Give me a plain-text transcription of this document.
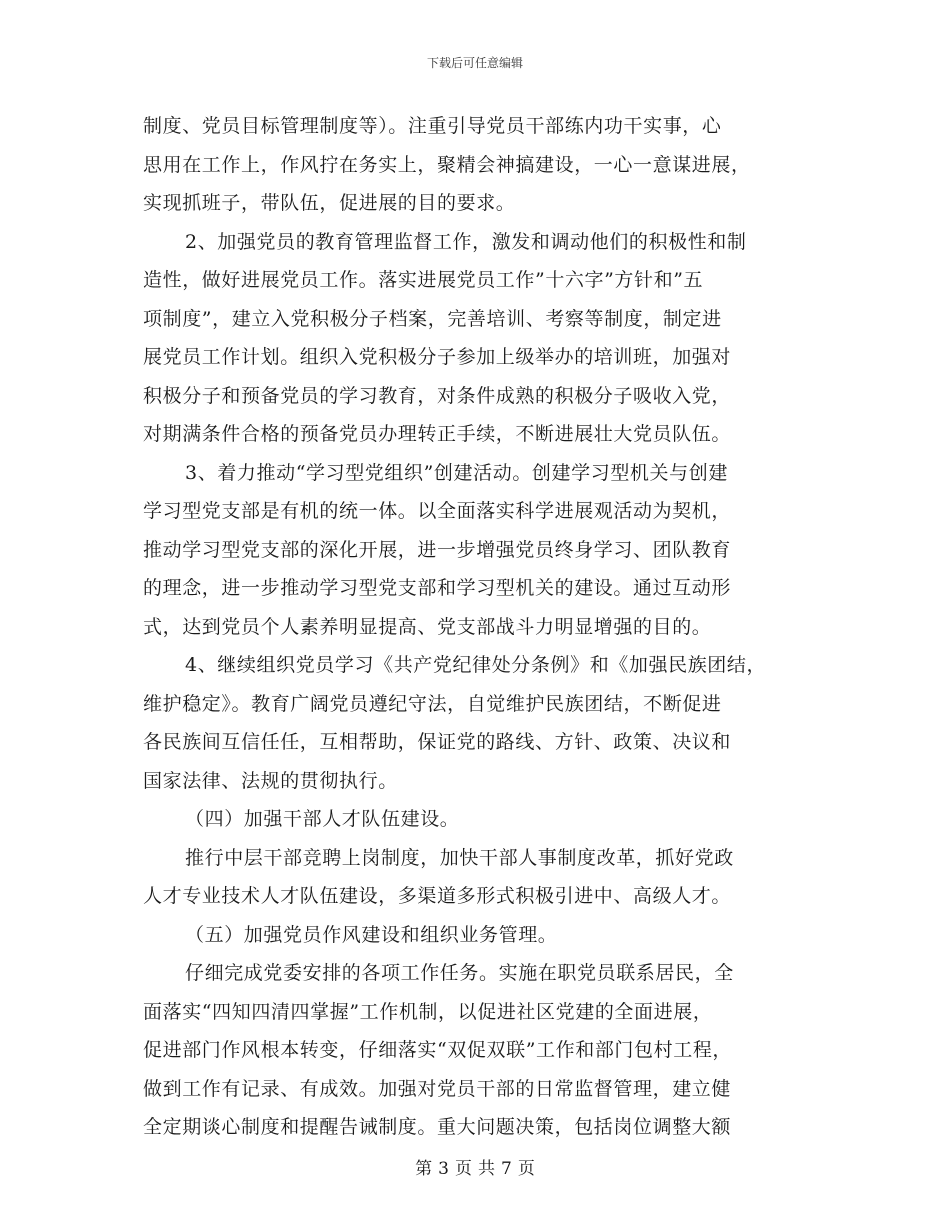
下载后可任意编辑
制度、党员目标管理制度等）。注重引导党员干部练内功干实事，心
思用在工作上，作风拧在务实上，聚精会神搞建设，一心一意谋进展，
实现抓班子，带队伍，促进展的目的要求。
2、加强党员的教育管理监督工作，激发和调动他们的积极性和制
造性，做好进展党员工作。落实进展党员工作”十六字”方针和”五
项制度”，建立入党积极分子档案，完善培训、考察等制度，制定进
展党员工作计划。组织入党积极分子参加上级举办的培训班，加强对
积极分子和预备党员的学习教育，对条件成熟的积极分子吸收入党，
对期满条件合格的预备党员办理转正手续，不断进展壮大党员队伍。
3、着力推动“学习型党组织”创建活动。创建学习型机关与创建
学习型党支部是有机的统一体。以全面落实科学进展观活动为契机，
推动学习型党支部的深化开展，进一步增强党员终身学习、团队教育
的理念，进一步推动学习型党支部和学习型机关的建设。通过互动形
式，达到党员个人素养明显提高、党支部战斗力明显增强的目的。
4、继续组织党员学习《共产党纪律处分条例》和《加强民族团结，
维护稳定》。教育广阔党员遵纪守法，自觉维护民族团结，不断促进
各民族间互信任任，互相帮助，保证党的路线、方针、政策、决议和
国家法律、法规的贯彻执行。
（四）加强干部人才队伍建设。
推行中层干部竞聘上岗制度，加快干部人事制度改革，抓好党政
人才专业技术人才队伍建设，多渠道多形式积极引进中、高级人才。
（五）加强党员作风建设和组织业务管理。
仔细完成党委安排的各项工作任务。实施在职党员联系居民，全
面落实“四知四清四掌握”工作机制，以促进社区党建的全面进展，
促进部门作风根本转变，仔细落实“双促双联”工作和部门包村工程，
做到工作有记录、有成效。加强对党员干部的日常监督管理，建立健
全定期谈心制度和提醒告诫制度。重大问题决策，包括岗位调整大额
第 3 页 共 7 页
